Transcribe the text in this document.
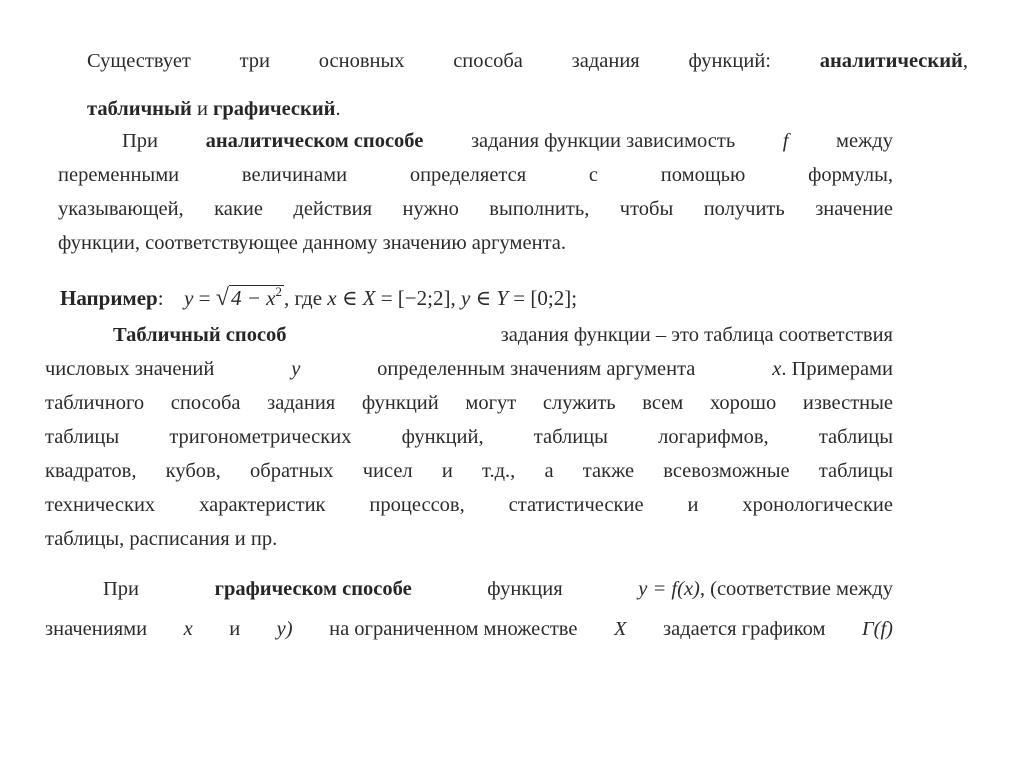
Существует три основных способа задания функций: аналитический,
табличный и графический.
При аналитическом способе задания функции зависимость f между
переменными величинами определяется с помощью формулы,
указывающей, какие действия нужно выполнить, чтобы получить значение
функции, соответствующее данному значению аргумента.
Например: $y = √4 - x^2$, где x ∈ X = [−2;2], y ∈ Y = [0;2];
Табличный способ	задания функции – это таблица соответствия
числовых значений	y	определенным значениям аргумента	x. Примерами
табличного способа задания функций могут служить всем хорошо известные
таблицы тригонометрических функций, таблицы логарифмов, таблицы
квадратов, кубов, обратных чисел и т.д., а также всевозможные таблицы
технических характеристик процессов, статистические и хронологические
таблицы, расписания и пр.
При	графическом способе	функция	y = f(x), (соответствие между
значениями x и y) на ограниченном множестве X задается графиком Γ(f)
